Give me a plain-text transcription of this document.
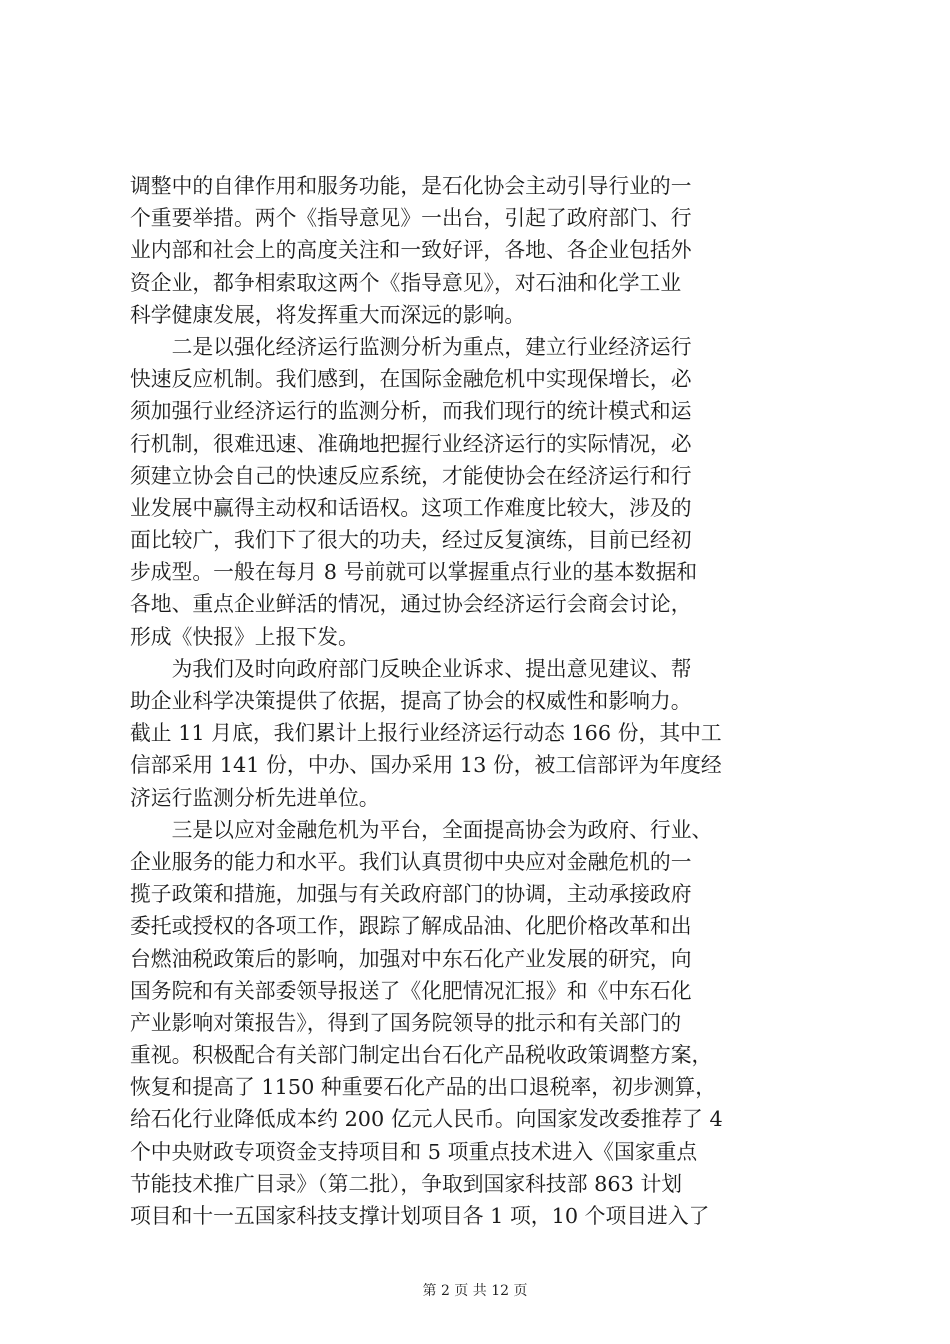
调整中的自律作用和服务功能，是石化协会主动引导行业的一
个重要举措。两个《指导意见》一出台，引起了政府部门、行
业内部和社会上的高度关注和一致好评，各地、各企业包括外
资企业，都争相索取这两个《指导意见》，对石油和化学工业
科学健康发展，将发挥重大而深远的影响。
　　二是以强化经济运行监测分析为重点，建立行业经济运行
快速反应机制。我们感到，在国际金融危机中实现保增长，必
须加强行业经济运行的监测分析，而我们现行的统计模式和运
行机制，很难迅速、准确地把握行业经济运行的实际情况，必
须建立协会自己的快速反应系统，才能使协会在经济运行和行
业发展中赢得主动权和话语权。这项工作难度比较大，涉及的
面比较广，我们下了很大的功夫，经过反复演练，目前已经初
步成型。一般在每月 8 号前就可以掌握重点行业的基本数据和
各地、重点企业鲜活的情况，通过协会经济运行会商会讨论，
形成《快报》上报下发。
　　为我们及时向政府部门反映企业诉求、提出意见建议、帮
助企业科学决策提供了依据，提高了协会的权威性和影响力。
截止 11 月底，我们累计上报行业经济运行动态 166 份，其中工
信部采用 141 份，中办、国办采用 13 份，被工信部评为年度经
济运行监测分析先进单位。
　　三是以应对金融危机为平台，全面提高协会为政府、行业、
企业服务的能力和水平。我们认真贯彻中央应对金融危机的一
揽子政策和措施，加强与有关政府部门的协调，主动承接政府
委托或授权的各项工作，跟踪了解成品油、化肥价格改革和出
台燃油税政策后的影响，加强对中东石化产业发展的研究，向
国务院和有关部委领导报送了《化肥情况汇报》和《中东石化
产业影响对策报告》，得到了国务院领导的批示和有关部门的
重视。积极配合有关部门制定出台石化产品税收政策调整方案，
恢复和提高了 1150 种重要石化产品的出口退税率，初步测算，
给石化行业降低成本约 200 亿元人民币。向国家发改委推荐了 4
个中央财政专项资金支持项目和 5 项重点技术进入《国家重点
节能技术推广目录》（第二批），争取到国家科技部 863 计划
项目和十一五国家科技支撑计划项目各 1 项，10 个项目进入了
第 2 页 共 12 页
